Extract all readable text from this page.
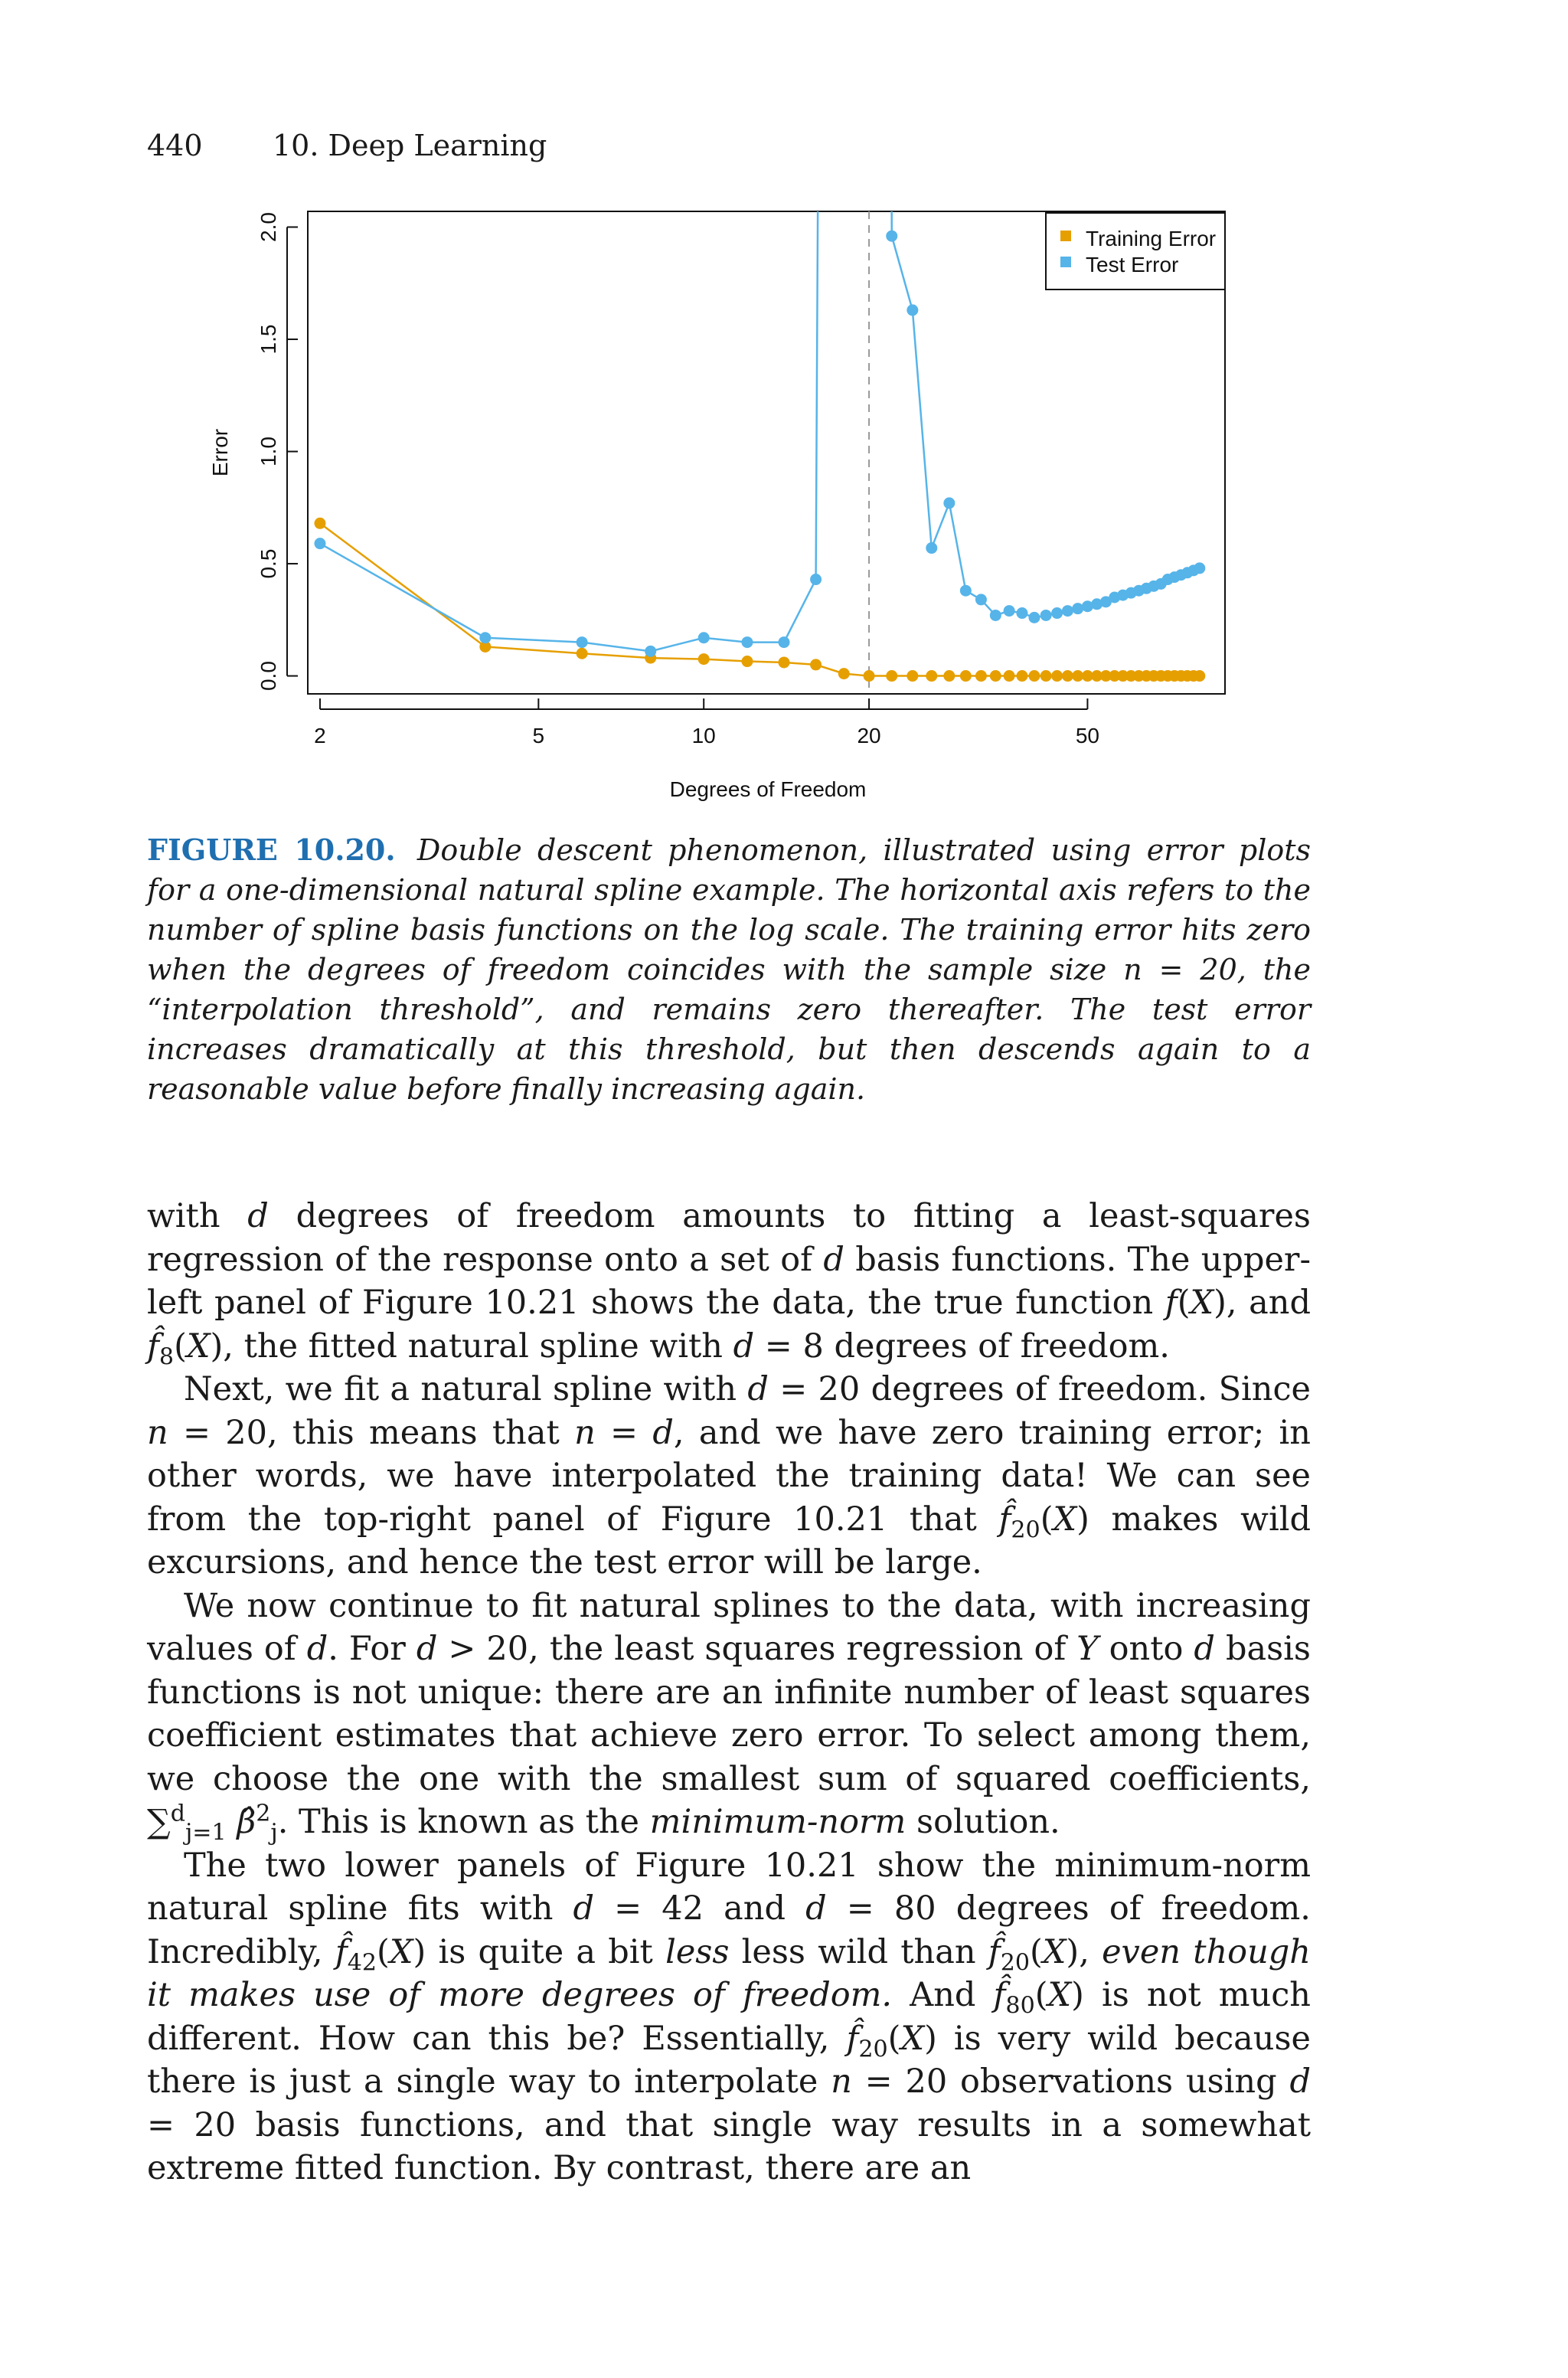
440 10. Deep Learning
0.0
0.5
1.0
1.5
2.0
2	5	10	20	50
Training Error
Test Error
Degrees of Freedom
Error
FIGURE 10.20. Double descent phenomenon, illustrated using error plots for a one-dimensional natural spline example. The horizontal axis refers to the number of spline basis functions on the log scale. The training error hits zero when the degrees of freedom coincides with the sample size n = 20, the “interpolation threshold”, and remains zero thereafter. The test error increases dramatically at this threshold, but then descends again to a reasonable value before finally increasing again.

with d degrees of freedom amounts to fitting a least-squares regression of the response onto a set of d basis functions. The upper-left panel of Figure 10.21 shows the data, the true function f(X), and $f̂_8(X)$, the fitted natural spline with d = 8 degrees of freedom.

Next, we fit a natural spline with d = 20 degrees of freedom. Since n = 20, this means that n = d, and we have zero training error; in other words, we have interpolated the training data! We can see from the top-right panel of Figure 10.21 that $f̂_{20}(X)$ makes wild excursions, and hence the test error will be large.

We now continue to fit natural splines to the data, with increasing values of d. For d > 20, the least squares regression of Y onto d basis functions is not unique: there are an infinite number of least squares coefficient estimates that achieve zero error. To select among them, we choose the one with the smallest sum of squared coefficients, ∑$^d_{j=1}$ β̂$^2_j$. This is known as the minimum-norm solution.

The two lower panels of Figure 10.21 show the minimum-norm natural spline fits with d = 42 and d = 80 degrees of freedom. Incredibly, $f̂_{42}(X)$ is quite a bit less less wild than $f̂_{20}(X)$, even though it makes use of more degrees of freedom. And $f̂_{80}(X)$ is not much different. How can this be? Essentially, $f̂_{20}(X)$ is very wild because there is just a single way to interpolate n = 20 observations using d = 20 basis functions, and that single way results in a somewhat extreme fitted function. By contrast, there are an
